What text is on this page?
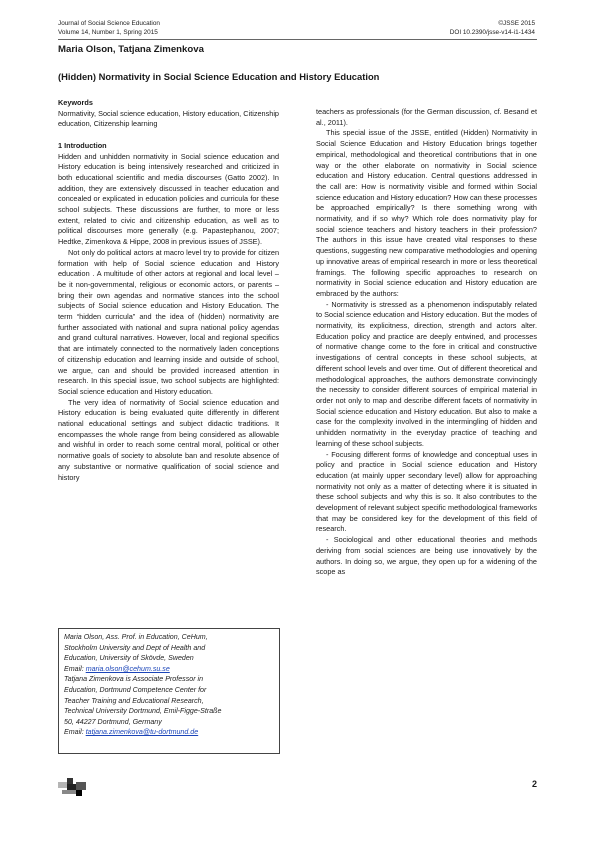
Journal of Social Science Education
Volume 14, Number 1, Spring 2015
©JSSE 2015
DOI 10.2390/jsse-v14-i1-1434
Maria Olson, Tatjana Zimenkova
(Hidden) Normativity in Social Science Education and History Education

Keywords

Normativity, Social science education, History education, Citizenship education, Citizenship learning

1 Introduction

Hidden and unhidden normativity in Social science education and History education is being intensively researched and criticized in both educational scientific and media discourses (Gatto 2002). In addition, they are extensively discussed in teacher education and concealed or explicated in education policies and curricula for these school subjects. These discussions are further, to more or less extent, related to civic and citizenship education, as well as to political discourses more generally (e.g. Papastephanou, 2007; Hedtke, Zimenkova & Hippe, 2008 in previous issues of JSSE).

Not only do political actors at macro level try to provide for citizen formation with help of Social science education and History education . A multitude of other actors at regional and local level – be it non-governmental, religious or economic actors, or parents – bring their own agendas and normative stances into the school subjects of Social science education and History Education. The term “hidden curricula” and the idea of (hidden) normativity are further associated with national and supra national policy agendas and grand cultural narratives. However, local and regional specifics that are intimately connected to the normatively laden conceptions of citizenship education and learning inside and outside of school, we argue, can and should be provided increased attention in research. In this special issue, two school subjects are highlighted: Social science education and History education.

The very idea of normativity of Social science education and History education is being evaluated quite differently in different national educational settings and subject didactic traditions. It encompasses the whole range from being considered as allowable and wishful in order to reach some central moral, political or other normative goals of society to absolute ban and resolute absence of any substantive or normative qualification of social science and history

teachers as professionals (for the German discussion, cf. Besand et al., 2011).

This special issue of the JSSE, entitled (Hidden) Normativity in Social Science Education and History Education brings together empirical, methodological and theoretical contributions that in one way or the other elaborate on normativity in Social science education and History education. Central questions addressed in the call are: How is normativity visible and formed within Social science education and History education? How can these processes be approached empirically? Is there something wrong with normativity, and if so why? Which role does normativity play for social science teachers and history teachers in their profession? The authors in this issue have created vital responses to these questions, suggesting new comparative methodologies and opening up innovative areas of empirical research in more or less theoretical framings. The following specific approaches to research on normativity in Social science education and History education are embraced by the authors:

- Normativity is stressed as a phenomenon indisputably related to Social science education and History education. But the modes of normativity, its explicitness, direction, strength and actors alter. Education policy and practice are deeply entwined, and processes of normative change come to the fore in critical and constructive investigations of central concepts in these school subjects, at different school levels and over time. Out of different theoretical and methodological approaches, the authors demonstrate convincingly the necessity to consider different sources of empirical material in order not only to map and describe different facets of normativity in Social science education and History education. But also to make a case for the complexity involved in the intermingling of hidden and unhidden normativity in the everyday practice of teaching and learning of these school subjects.

- Focusing different forms of knowledge and conceptual uses in policy and practice in Social science education and History education (at mainly upper secondary level) allow for approaching normativity not only as a matter of detecting where it is situated in these school subjects and why this is so. It also contributes to the development of relevant subject specific methodological frameworks that may be considered key for the development of this field of research.

- Sociological and other educational theories and methods deriving from social sciences are being use innovatively by the authors. In doing so, we argue, they open up for a widening of the scope as

Maria Olson, Ass. Prof. in Education, CeHum,
Stockholm University and Dept of Health and
Education, University of Skövde, Sweden
Email: maria.olson@cehum.su.se
Tatjana Zimenkova is Associate Professor in
Education, Dortmund Competence Center for
Teacher Training and Educational Research,
Technical University Dortmund, Emil-Figge-Straße
50, 44227 Dortmund, Germany
Email: tatjana.zimenkova@tu-dortmund.de
2
